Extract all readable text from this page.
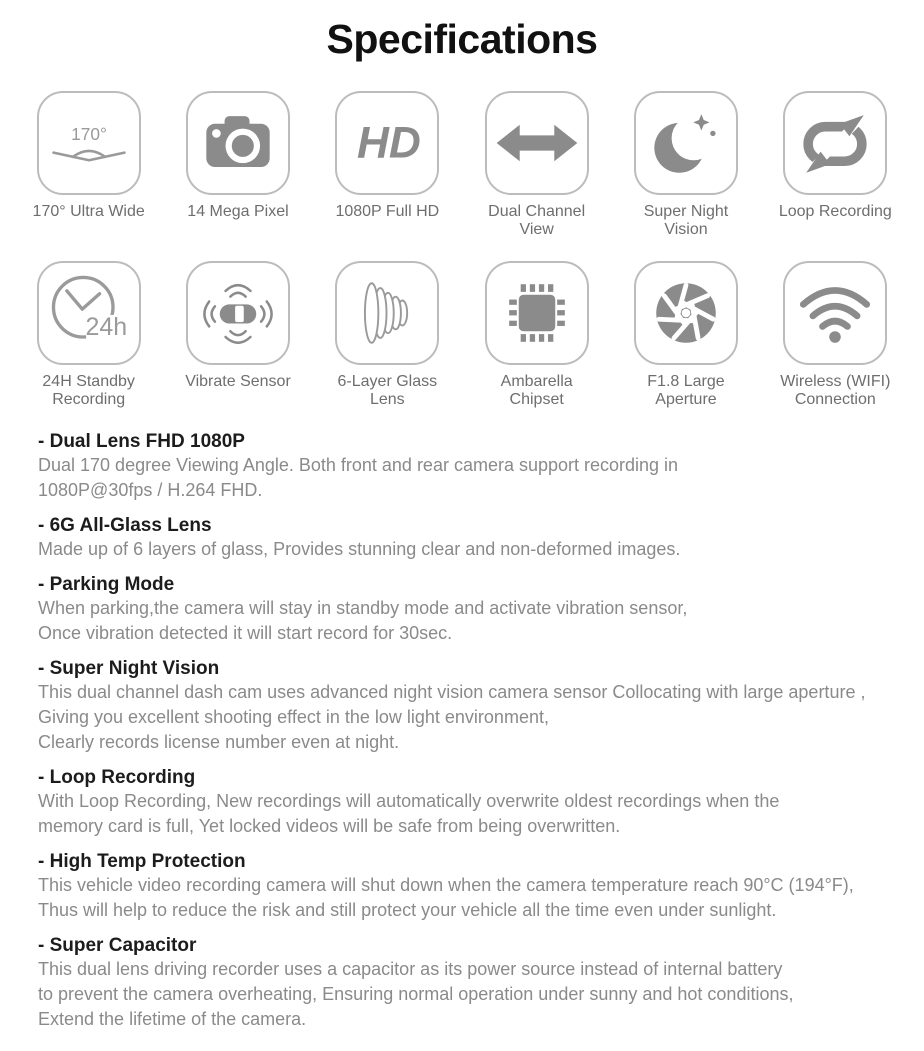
Specifications
170°
170° Ultra Wide	14 Mega Pixel
HD
1080P Full HD	Dual Channel View
Super Night Vision
Loop Recording
24h
24H Standby Recording
Vibrate Sensor	6-Layer Glass Lens
Ambarella Chipset
F1.8 Large Aperture
Wireless (WIFI) Connection
- Dual Lens FHD 1080P

Dual 170 degree Viewing Angle. Both front and rear camera support recording in

1080P@30fps / H.264 FHD.

- 6G All-Glass Lens

Made up of 6 layers of glass, Provides stunning clear and non-deformed images.

- Parking Mode

When parking,the camera will stay in standby mode and activate vibration sensor,

Once vibration detected it will start record for 30sec.

- Super Night Vision

This dual channel dash cam uses advanced night vision camera sensor Collocating with large aperture ,

Giving you excellent shooting effect in the low light environment,

Clearly records license number even at night.

- Loop Recording

With Loop Recording, New recordings will automatically overwrite oldest recordings when the

memory card is full, Yet locked videos will be safe from being overwritten.

- High Temp Protection

This vehicle video recording camera will shut down when the camera temperature reach 90°C (194°F),

Thus will help to reduce the risk and still protect your vehicle all the time even under sunlight.

- Super Capacitor

This dual lens driving recorder uses a capacitor as its power source instead of internal battery

to prevent the camera overheating, Ensuring normal operation under sunny and hot conditions,

Extend the lifetime of the camera.
